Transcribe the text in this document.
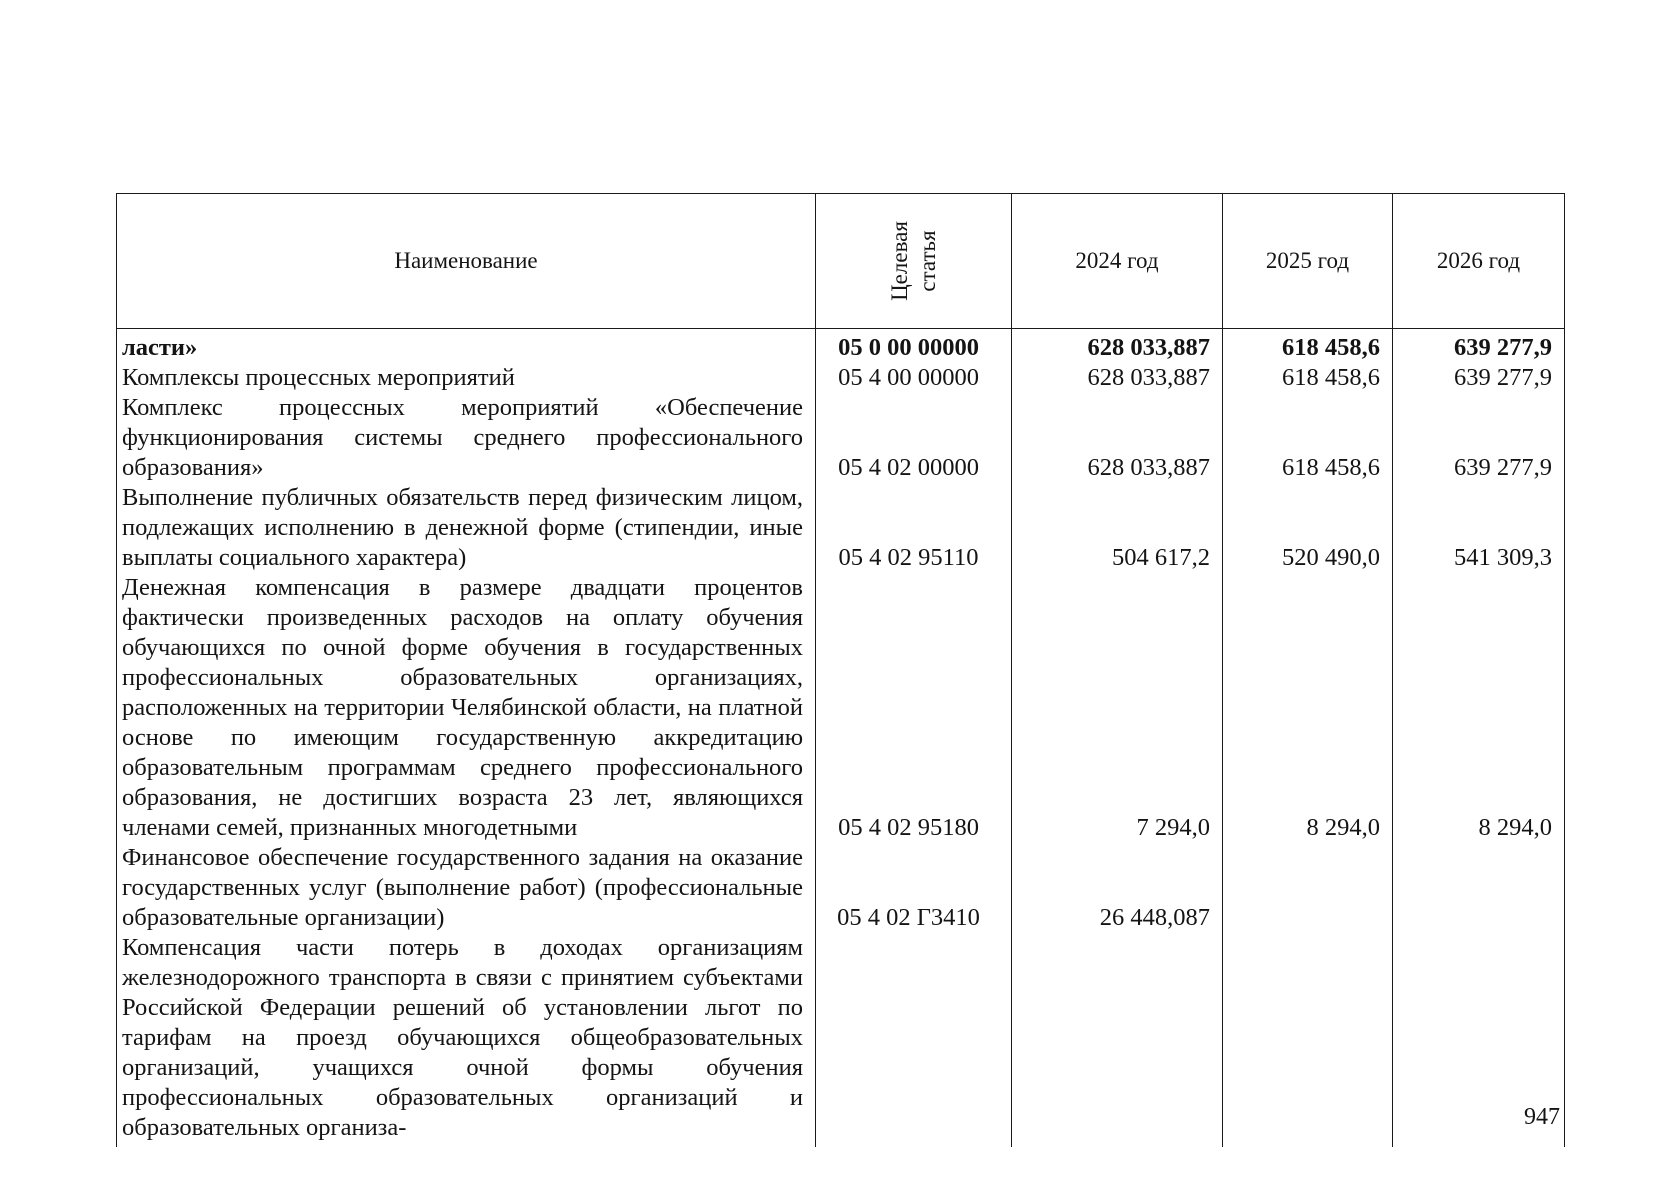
Наименование	Целевая статья	2024 год	2025 год	2026 год
ласти»	05 0 00 00000	628 033,887	618 458,6	639 277,9
Комплексы процессных мероприятий	05 4 00 00000	628 033,887	618 458,6	639 277,9
Комплекс процессных мероприятий «Обеспечение функционирования системы среднего профессионального образования»	05 4 02 00000	628 033,887	618 458,6	639 277,9
Выполнение публичных обязательств перед физическим лицом, подлежащих исполнению в денежной форме (стипендии, иные выплаты социального характера)	05 4 02 95110	504 617,2	520 490,0	541 309,3
Денежная компенсация в размере двадцати процентов фактически произведенных расходов на оплату обучения обучающихся по очной форме обучения в государственных профессиональных образовательных организациях, расположенных на территории Челябинской области, на платной основе по имеющим государственную аккредитацию образовательным программам среднего профессионального образования, не достигших возраста 23 лет, являющихся членами семей, признанных многодетными	05 4 02 95180	7 294,0	8 294,0	8 294,0
Финансовое обеспечение государственного задания на оказание государственных услуг (выполнение работ) (профессиональные образовательные организации)	05 4 02 Г3410	26 448,087		
Компенсация части потерь в доходах организациям железнодорожного транспорта в связи с принятием субъектами Российской Федерации решений об установлении льгот по тарифам на проезд обучающихся общеобразовательных организаций, учащихся очной формы обучения профессиональных образовательных организаций и образовательных организа-					947
